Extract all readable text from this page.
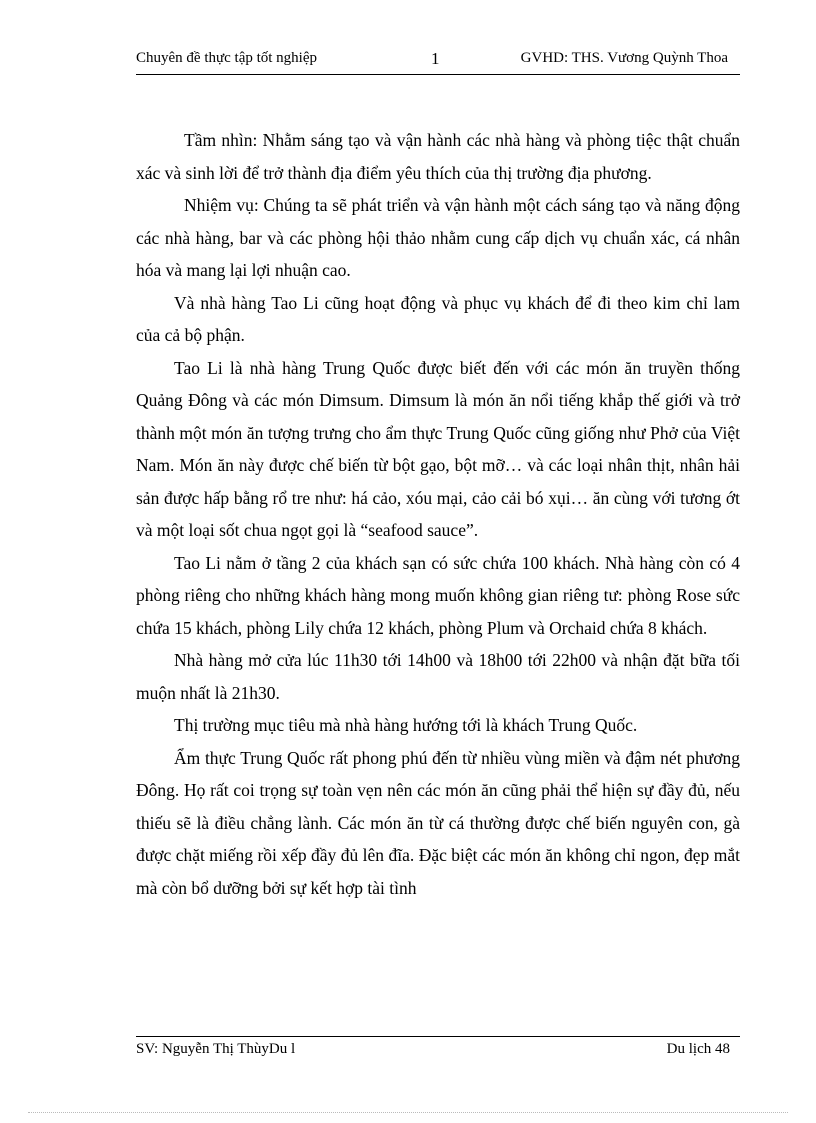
Chuyên đề thực tập tốt nghiệp	1	GVHD: THS. Vương Quỳnh Thoa

Tầm nhìn: Nhằm sáng tạo và vận hành các nhà hàng và phòng tiệc thật chuẩn xác và sinh lời để trở thành địa điểm yêu thích của thị trường địa phương.

Nhiệm vụ: Chúng ta sẽ phát triển và vận hành một cách sáng tạo và năng động các nhà hàng, bar và các phòng hội thảo nhằm cung cấp dịch vụ chuẩn xác, cá nhân hóa và mang lại lợi nhuận cao.

Và nhà hàng Tao Li cũng hoạt động và phục vụ khách để đi theo kim chỉ lam của cả bộ phận.

Tao Li là nhà hàng Trung Quốc được biết đến với các món ăn truyền thống Quảng Đông và các món Dimsum. Dimsum là món ăn nổi tiếng khắp thế giới và trở thành một món ăn tượng trưng cho ẩm thực Trung Quốc cũng giống như Phở của Việt Nam. Món ăn này được chế biến từ bột gạo, bột mỡ… và các loại nhân thịt, nhân hải sản được hấp bằng rổ tre như: há cảo, xóu mại, cảo cải bó xụi… ăn cùng với tương ớt và một loại sốt chua ngọt gọi là “seafood sauce”.

Tao Li nằm ở tầng 2 của khách sạn có sức chứa 100 khách. Nhà hàng còn có 4 phòng riêng cho những khách hàng mong muốn không gian riêng tư: phòng Rose sức chứa 15 khách, phòng Lily chứa 12 khách, phòng Plum và Orchaid chứa 8 khách.

Nhà hàng mở cửa lúc 11h30 tới 14h00 và 18h00 tới 22h00 và nhận đặt bữa tối muộn nhất là 21h30.

Thị trường mục tiêu mà nhà hàng hướng tới là khách Trung Quốc.

Ẩm thực Trung Quốc rất phong phú đến từ nhiều vùng miền và đậm nét phương Đông. Họ rất coi trọng sự toàn vẹn nên các món ăn cũng phải thể hiện sự đầy đủ, nếu thiếu sẽ là điều chẳng lành. Các món ăn từ cá thường được chế biến nguyên con, gà được chặt miếng rồi xếp đầy đủ lên đĩa. Đặc biệt các món ăn không chỉ ngon, đẹp mắt mà còn bổ dưỡng bởi sự kết hợp tài tình

SV: Nguyễn Thị ThùyDu l	Du lịch 48
